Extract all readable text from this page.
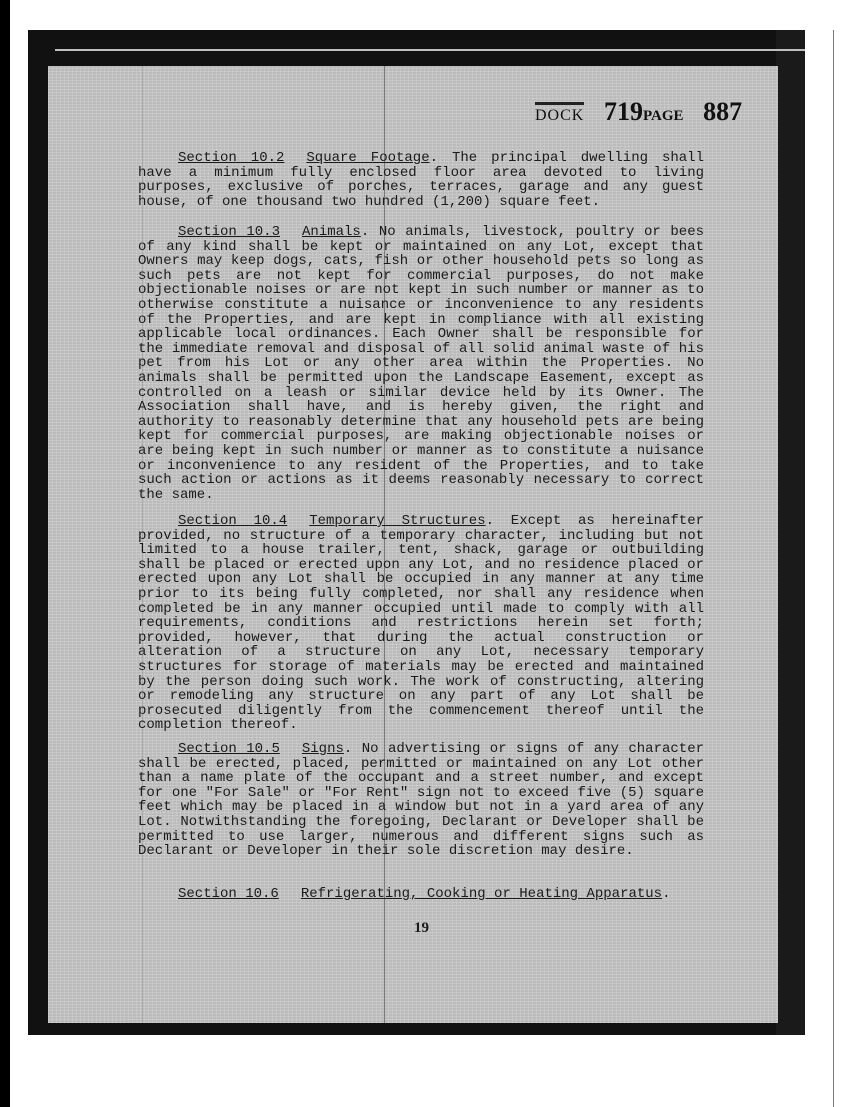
DOCK 719PAGE 887
Section 10.2 Square Footage. The principal dwelling shall have a minimum fully enclosed floor area devoted to living purposes, exclusive of porches, terraces, garage and any guest house, of one thousand two hundred (1,200) square feet.
Section 10.3 Animals. No animals, livestock, poultry or bees of any kind shall be kept or maintained on any Lot, except that Owners may keep dogs, cats, fish or other household pets so long as such pets are not kept for commercial purposes, do not make objectionable noises or are not kept in such number or manner as to otherwise constitute a nuisance or inconvenience to any residents of the Properties, and are kept in compliance with all existing applicable local ordinances. Each Owner shall be responsible for the immediate removal and disposal of all solid animal waste of his pet from his Lot or any other area within the Properties. No animals shall be permitted upon the Landscape Easement, except as controlled on a leash or similar device held by its Owner. The Association shall have, and is hereby given, the right and authority to reasonably determine that any household pets are being kept for commercial purposes, are making objectionable noises or are being kept in such number or manner as to constitute a nuisance or inconvenience to any resident of the Properties, and to take such action or actions as it deems reasonably necessary to correct the same.
Section 10.4 Temporary Structures. Except as hereinafter provided, no structure of a temporary character, including but not limited to a house trailer, tent, shack, garage or outbuilding shall be placed or erected upon any Lot, and no residence placed or erected upon any Lot shall be occupied in any manner at any time prior to its being fully completed, nor shall any residence when completed be in any manner occupied until made to comply with all requirements, conditions and restrictions herein set forth; provided, however, that during the actual construction or alteration of a structure on any Lot, necessary temporary structures for storage of materials may be erected and maintained by the person doing such work. The work of constructing, altering or remodeling any structure on any part of any Lot shall be prosecuted diligently from the commencement thereof until the completion thereof.
Section 10.5 Signs. No advertising or signs of any character shall be erected, placed, permitted or maintained on any Lot other than a name plate of the occupant and a street number, and except for one "For Sale" or "For Rent" sign not to exceed five (5) square feet which may be placed in a window but not in a yard area of any Lot. Notwithstanding the foregoing, Declarant or Developer shall be permitted to use larger, numerous and different signs such as Declarant or Developer in their sole discretion may desire.
Section 10.6 Refrigerating, Cooking or Heating Apparatus.
19
